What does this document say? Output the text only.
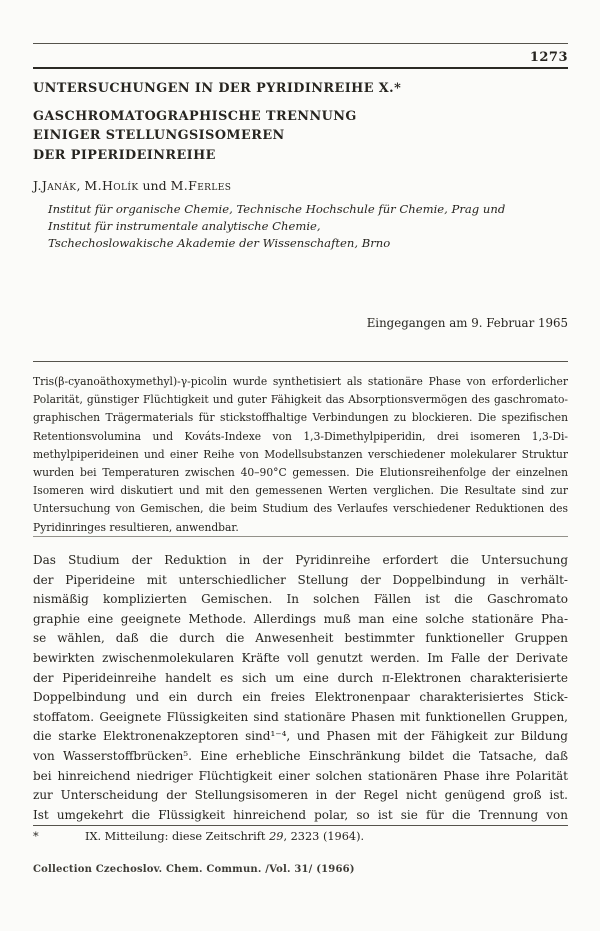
1273
UNTERSUCHUNGEN IN DER PYRIDINREIHE X.*
GASCHROMATOGRAPHISCHE TRENNUNG
EINIGER STELLUNGSISOMEREN
DER PIPERIDEINREIHE
J.Janák, M.Holík und M.Ferles
Institut für organische Chemie, Technische Hochschule für Chemie, Prag und
Institut für instrumentale analytische Chemie,
Tschechoslowakische Akademie der Wissenschaften, Brno
Eingegangen am 9. Februar 1965
Tris(β-cyanoäthoxymethyl)-γ-picolin wurde synthetisiert als stationäre Phase von erforderlicher
Polarität, günstiger Flüchtigkeit und guter Fähigkeit das Absorptionsvermögen des gaschromato-
graphischen Trägermaterials für stickstoffhaltige Verbindungen zu blockieren. Die spezifischen
Retentionsvolumina und Kováts-Indexe von 1,3-Dimethylpiperidin, drei isomeren 1,3-Di-
methylpiperideinen und einer Reihe von Modellsubstanzen verschiedener molekularer Struktur
wurden bei Temperaturen zwischen 40–90°C gemessen. Die Elutionsreihenfolge der einzelnen
Isomeren wird diskutiert und mit den gemessenen Werten verglichen. Die Resultate sind zur
Untersuchung von Gemischen, die beim Studium des Verlaufes verschiedener Reduktionen des
Pyridinringes resultieren, anwendbar.
Das Studium der Reduktion in der Pyridinreihe erfordert die Untersuchung
der Piperideine mit unterschiedlicher Stellung der Doppelbindung in verhält-
nismäßig komplizierten Gemischen. In solchen Fällen ist die Gaschromato
graphie eine geeignete Methode. Allerdings muß man eine solche stationäre Pha-
se wählen, daß die durch die Anwesenheit bestimmter funktioneller Gruppen
bewirkten zwischenmolekularen Kräfte voll genutzt werden. Im Falle der Derivate
der Piperideinreihe handelt es sich um eine durch π-Elektronen charakterisierte
Doppelbindung und ein durch ein freies Elektronenpaar charakterisiertes Stick-
stoffatom. Geeignete Flüssigkeiten sind stationäre Phasen mit funktionellen Gruppen,
die starke Elektronenakzeptoren sind¹⁻⁴, und Phasen mit der Fähigkeit zur Bildung
von Wasserstoffbrücken⁵. Eine erhebliche Einschränkung bildet die Tatsache, daß
bei hinreichend niedriger Flüchtigkeit einer solchen stationären Phase ihre Polarität
zur Unterscheidung der Stellungsisomeren in der Regel nicht genügend groß ist.
Ist umgekehrt die Flüssigkeit hinreichend polar, so ist sie für die Trennung von
*	IX. Mitteilung: diese Zeitschrift 29, 2323 (1964).
Collection Czechoslov. Chem. Commun. /Vol. 31/ (1966)
